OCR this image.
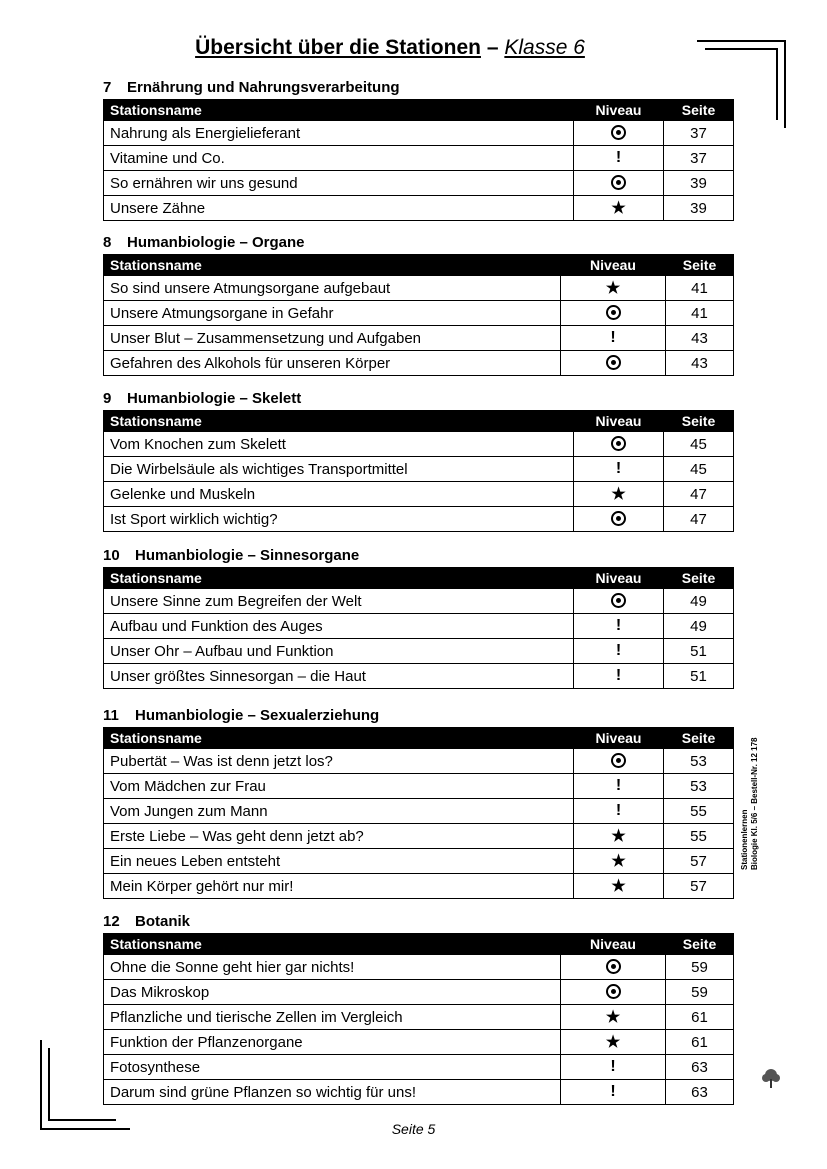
Übersicht über die Stationen – Klasse 6
7 Ernährung und Nahrungsverarbeitung
Stationsname	Niveau	Seite
Nahrung als Energielieferant		37
Vitamine und Co.	!	37
So ernähren wir uns gesund		39
Unsere Zähne	★	39
8 Humanbiologie – Organe
Stationsname	Niveau	Seite
So sind unsere Atmungsorgane aufgebaut	★	41
Unsere Atmungsorgane in Gefahr		41
Unser Blut – Zusammensetzung und Aufgaben	!	43
Gefahren des Alkohols für unseren Körper		43
9 Humanbiologie – Skelett
Stationsname	Niveau	Seite
Vom Knochen zum Skelett		45
Die Wirbelsäule als wichtiges Transportmittel	!	45
Gelenke und Muskeln	★	47
Ist Sport wirklich wichtig?		47
10 Humanbiologie – Sinnesorgane
Stationsname	Niveau	Seite
Unsere Sinne zum Begreifen der Welt		49
Aufbau und Funktion des Auges	!	49
Unser Ohr – Aufbau und Funktion	!	51
Unser größtes Sinnesorgan – die Haut	!	51
11 Humanbiologie – Sexualerziehung
Stationsname	Niveau	Seite
Pubertät – Was ist denn jetzt los?		53
Vom Mädchen zur Frau	!	53
Vom Jungen zum Mann	!	55
Erste Liebe – Was geht denn jetzt ab?	★	55
Ein neues Leben entsteht	★	57
Mein Körper gehört nur mir!	★	57
12 Botanik
Stationsname	Niveau	Seite
Ohne die Sonne geht hier gar nichts!		59
Das Mikroskop		59
Pflanzliche und tierische Zellen im Vergleich	★	61
Funktion der Pflanzenorgane	★	61
Fotosynthese	!	63
Darum sind grüne Pflanzen so wichtig für uns!	!	63
Stationenlernen Biologie Kl. 5/6 – Bestell-Nr. 12 178
Seite 5
